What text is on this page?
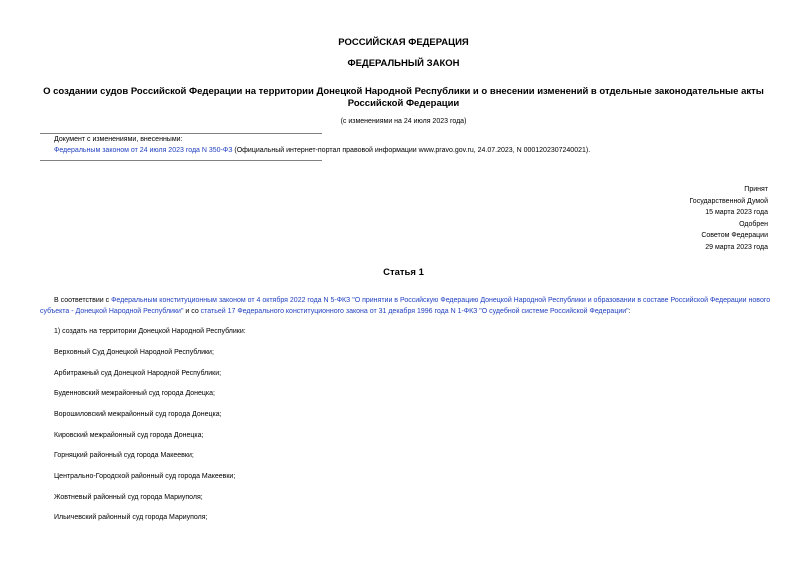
РОССИЙСКАЯ ФЕДЕРАЦИЯ
ФЕДЕРАЛЬНЫЙ ЗАКОН
О создании судов Российской Федерации на территории Донецкой Народной Республики и о внесении изменений в отдельные законодательные акты Российской Федерации
(с изменениями на 24 июля 2023 года)
Документ с изменениями, внесенными:
Федеральным законом от 24 июля 2023 года N 350-ФЗ (Официальный интернет-портал правовой информации www.pravo.gov.ru, 24.07.2023, N 0001202307240021).
Принят
Государственной Думой
15 марта 2023 года
Одобрен
Советом Федерации
29 марта 2023 года
Статья 1
В соответствии с Федеральным конституционным законом от 4 октября 2022 года N 5-ФКЗ "О принятии в Российскую Федерацию Донецкой Народной Республики и образовании в составе Российской Федерации нового субъекта - Донецкой Народной Республики" и со статьей 17 Федерального конституционного закона от 31 декабря 1996 года N 1-ФКЗ "О судебной системе Российской Федерации":
1) создать на территории Донецкой Народной Республики:
Верховный Суд Донецкой Народной Республики;
Арбитражный суд Донецкой Народной Республики;
Буденновский межрайонный суд города Донецка;
Ворошиловский межрайонный суд города Донецка;
Кировский межрайонный суд города Донецка;
Горняцкий районный суд города Макеевки;
Центрально-Городской районный суд города Макеевки;
Жовтневый районный суд города Мариуполя;
Ильичевский районный суд города Мариуполя;
